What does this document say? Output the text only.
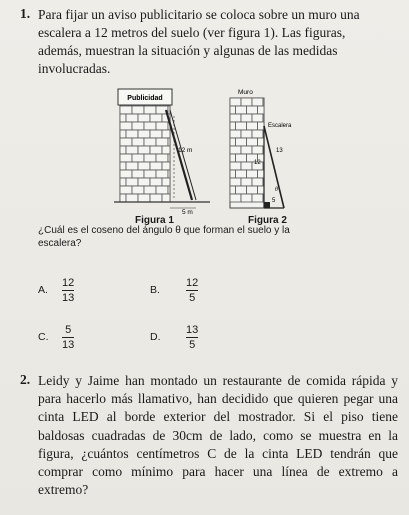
1. Para fijar un aviso publicitario se coloca sobre un muro una escalera a 12 metros del suelo (ver figura 1). Las figuras, además, muestran la situación y algunas de las medidas involucradas.
Publicidad
12 m
5 m
Figura 1
Muro
Escalera
13
12
θ
5
Figura 2
¿Cuál es el coseno del ángulo θ que forman el suelo y la escalera?
A.
12
13
B.
12
5
C.
5
13
D.
13
5
2. Leidy y Jaime han montado un restaurante de comida rápida y para hacerlo más llamativo, han decidido que quieren pegar una cinta LED al borde exterior del mostrador. Si el piso tiene baldosas cuadradas de 30cm de lado, como se muestra en la figura, ¿cuántos centímetros C de la cinta LED tendrán que comprar como mínimo para hacer una línea de extremo a extremo?
